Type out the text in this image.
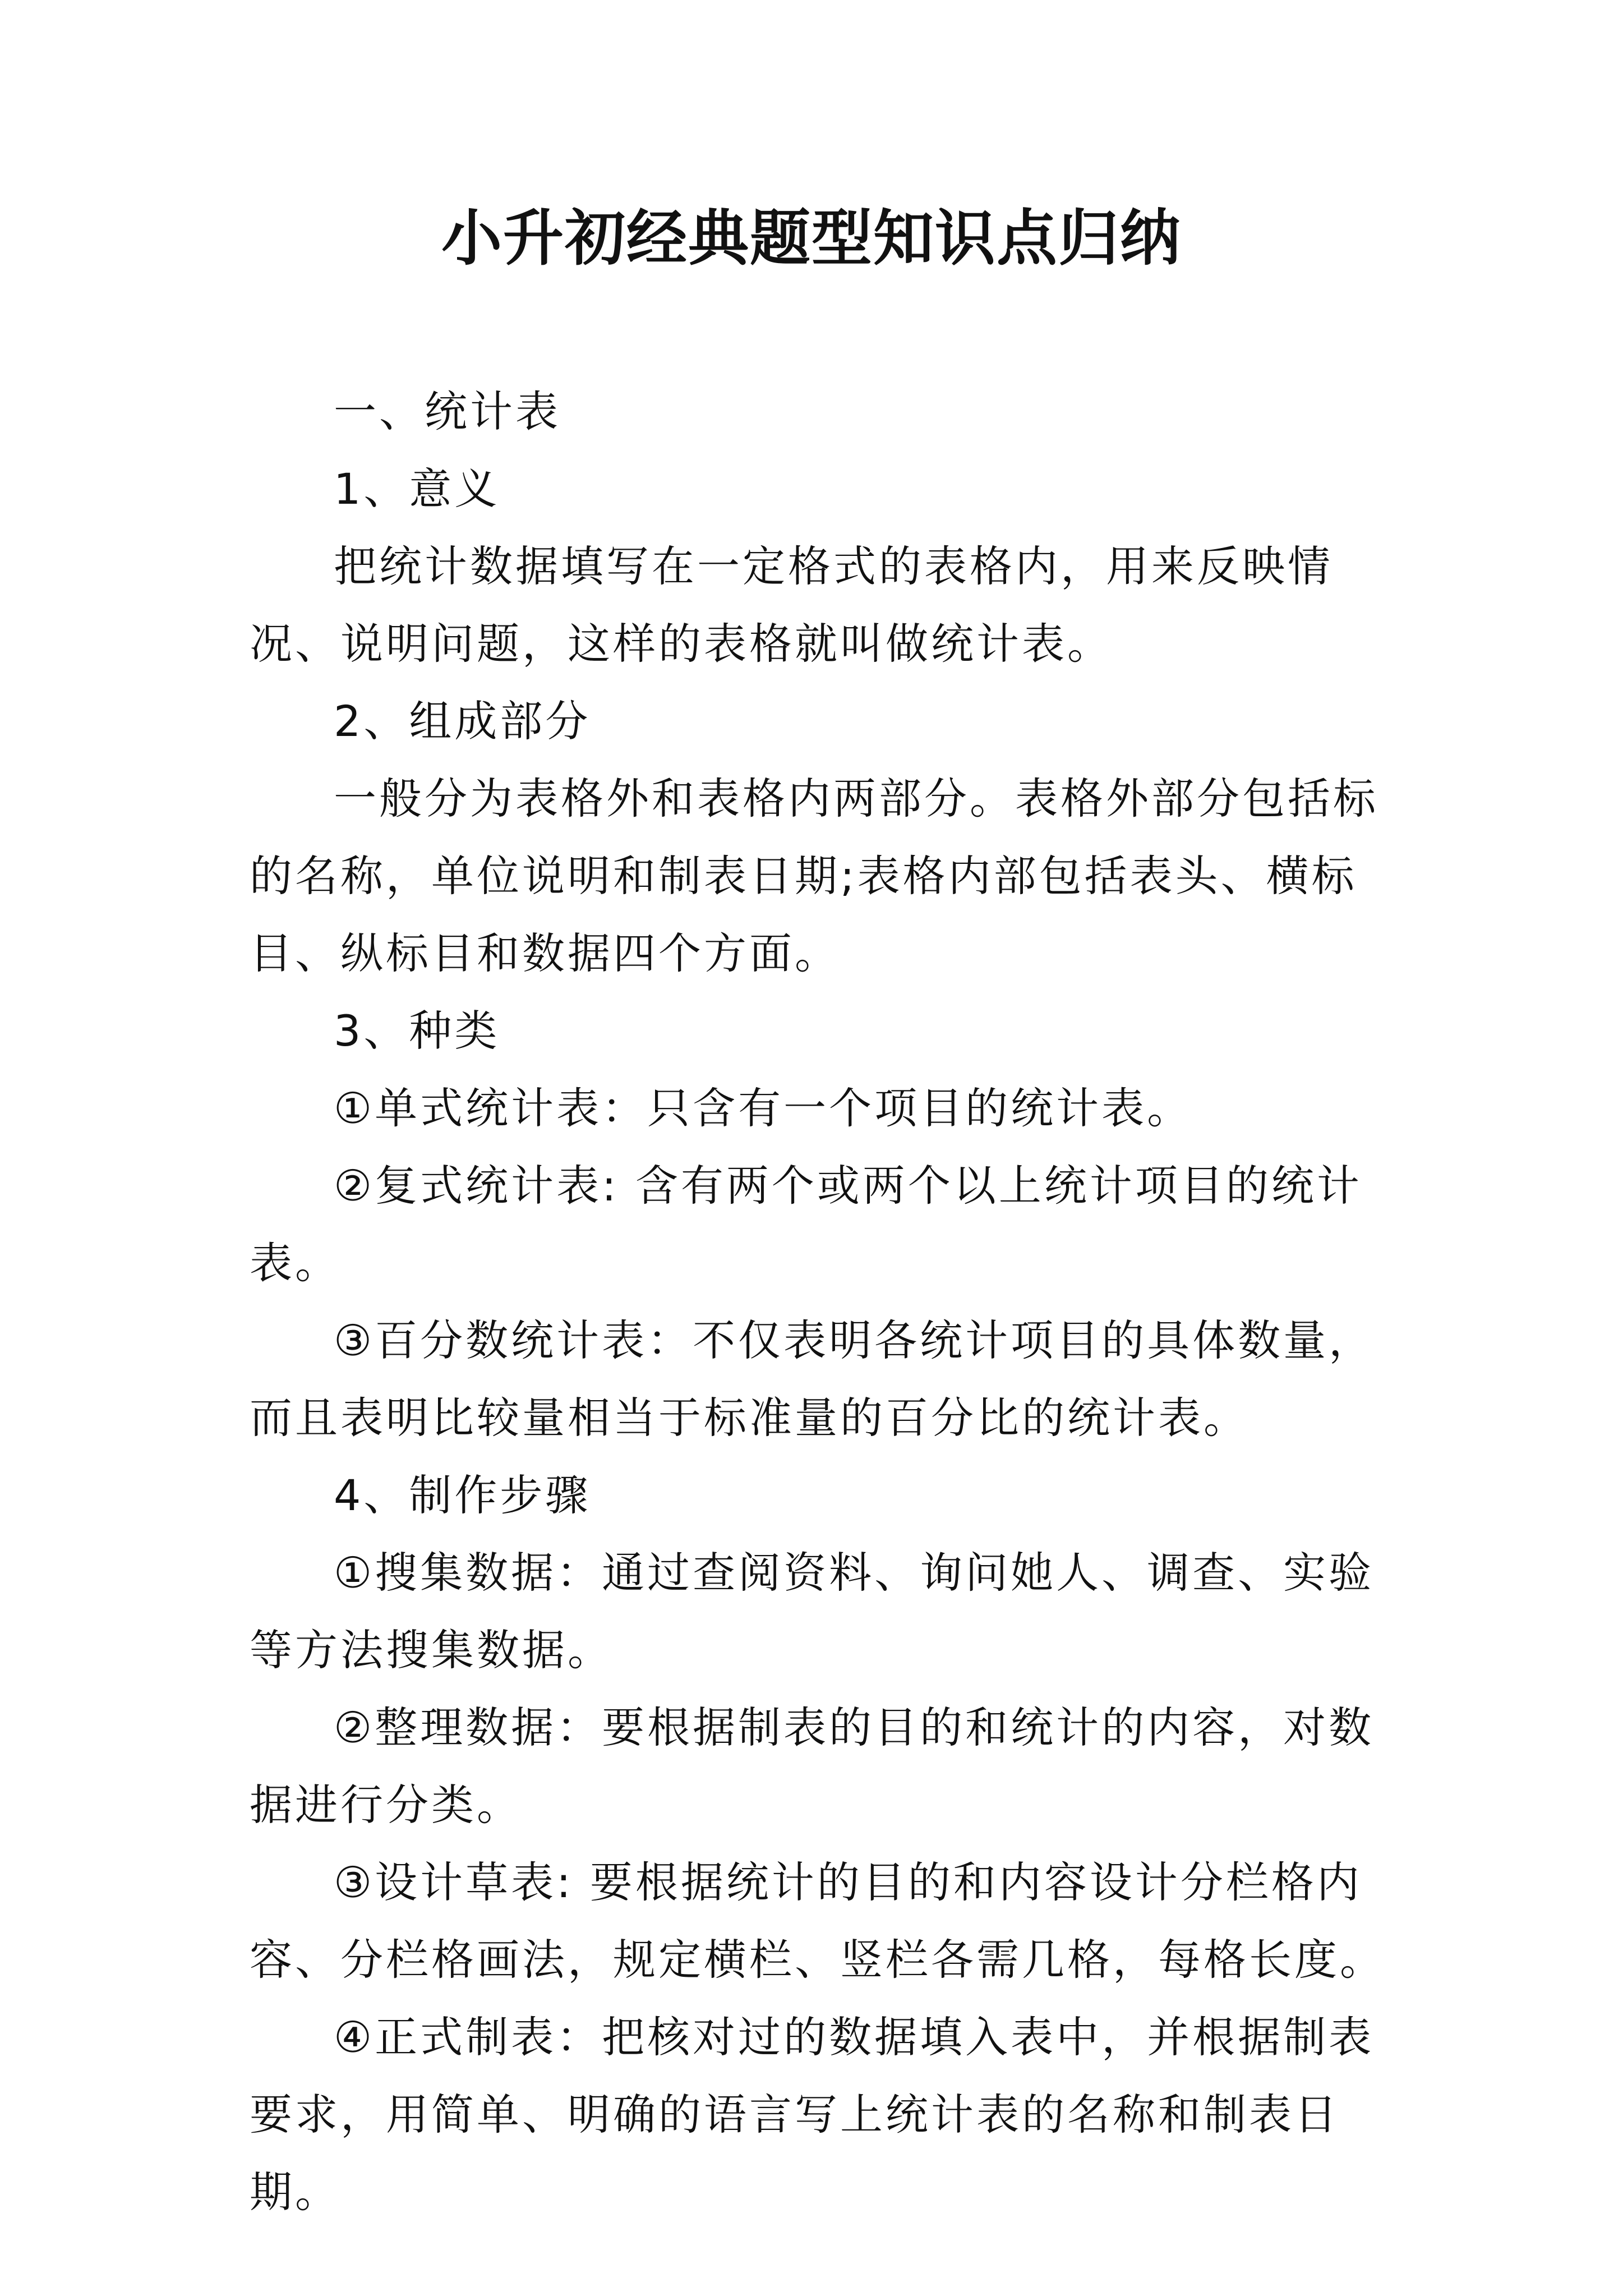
小升初经典题型知识点归纳

一、统计表

1、意义

把统计数据填写在一定格式的表格内，用来反映情况、说明问题，这样的表格就叫做统计表。

2、组成部分

一般分为表格外和表格内两部分。表格外部分包括标的名称，单位说明和制表日期;表格内部包括表头、横标目、纵标目和数据四个方面。

3、种类

①单式统计表：只含有一个项目的统计表。

②复式统计表: 含有两个或两个以上统计项目的统计表。

③百分数统计表：不仅表明各统计项目的具体数量，而且表明比较量相当于标准量的百分比的统计表。

4、制作步骤

①搜集数据：通过查阅资料、询问她人、调查、实验等方法搜集数据。

②整理数据：要根据制表的目的和统计的内容，对数据进行分类。

③设计草表: 要根据统计的目的和内容设计分栏格内容、分栏格画法，规定横栏、竖栏各需几格，每格长度。

④正式制表：把核对过的数据填入表中，并根据制表要求，用简单、明确的语言写上统计表的名称和制表日期。
